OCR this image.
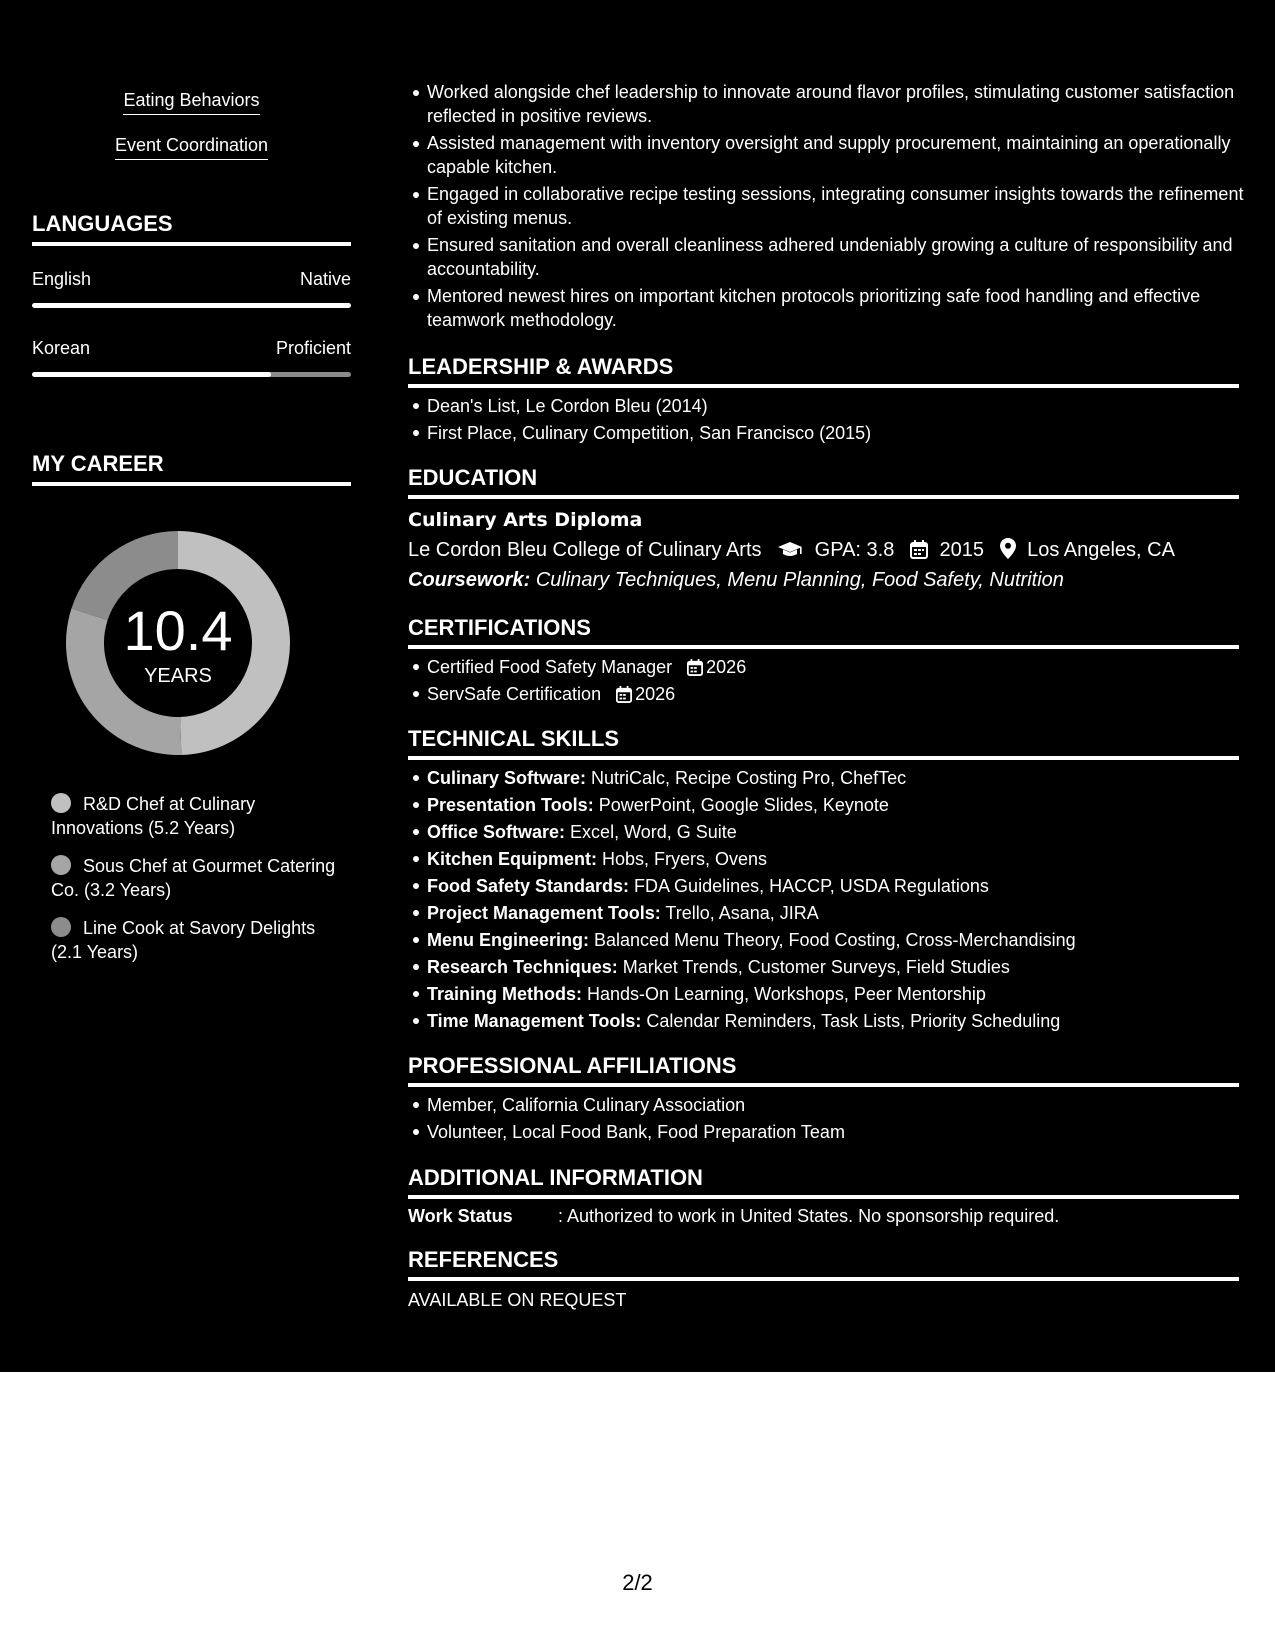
Eating Behaviors
Event Coordination
LANGUAGES
English	Native
Korean	Proficient
MY CAREER
10.4
YEARS
R&D Chef at Culinary Innovations (5.2 Years)
Sous Chef at Gourmet Catering Co. (3.2 Years)
Line Cook at Savory Delights (2.1 Years)
Worked alongside chef leadership to innovate around flavor profiles, stimulating customer satisfaction reflected in positive reviews.
Assisted management with inventory oversight and supply procurement, maintaining an operationally capable kitchen.
Engaged in collaborative recipe testing sessions, integrating consumer insights towards the refinement of existing menus.
Ensured sanitation and overall cleanliness adhered undeniably growing a culture of responsibility and accountability.
Mentored newest hires on important kitchen protocols prioritizing safe food handling and effective teamwork methodology.
LEADERSHIP & AWARDS
Dean's List, Le Cordon Bleu (2014)
First Place, Culinary Competition, San Francisco (2015)
EDUCATION
Culinary Arts Diploma
Le Cordon Bleu College of Culinary Arts	GPA: 3.8 2015 Los Angeles, CA
Coursework: Culinary Techniques, Menu Planning, Food Safety, Nutrition
CERTIFICATIONS
Certified Food Safety Manager 2026
ServSafe Certification 2026
TECHNICAL SKILLS
Culinary Software: NutriCalc, Recipe Costing Pro, ChefTec
Presentation Tools: PowerPoint, Google Slides, Keynote
Office Software: Excel, Word, G Suite
Kitchen Equipment: Hobs, Fryers, Ovens
Food Safety Standards: FDA Guidelines, HACCP, USDA Regulations
Project Management Tools: Trello, Asana, JIRA
Menu Engineering: Balanced Menu Theory, Food Costing, Cross-Merchandising
Research Techniques: Market Trends, Customer Surveys, Field Studies
Training Methods: Hands-On Learning, Workshops, Peer Mentorship
Time Management Tools: Calendar Reminders, Task Lists, Priority Scheduling
PROFESSIONAL AFFILIATIONS
Member, California Culinary Association
Volunteer, Local Food Bank, Food Preparation Team
ADDITIONAL INFORMATION
Work Status	: Authorized to work in United States. No sponsorship required.
REFERENCES
AVAILABLE ON REQUEST
2/2
